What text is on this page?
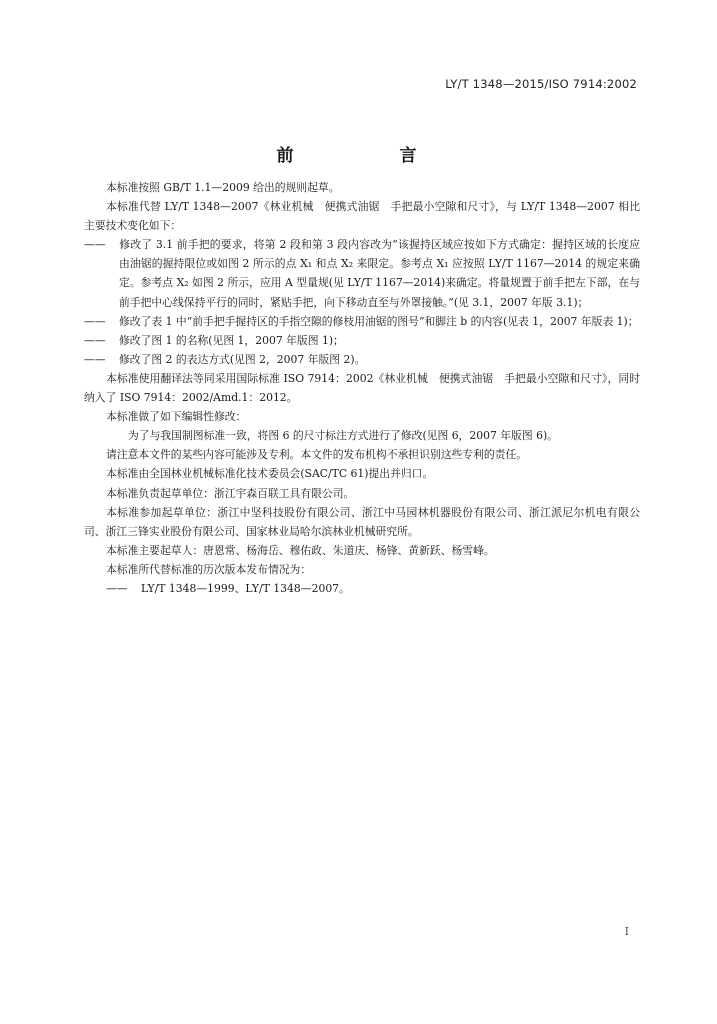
LY/T 1348—2015/ISO 7914:2002
前　　言

本标准按照 GB/T 1.1—2009 给出的规则起草。

本标准代替 LY/T 1348—2007《林业机械　便携式油锯　手把最小空隙和尺寸》，与 LY/T 1348—2007 相比主要技术变化如下：

—— 修改了 3.1 前手把的要求，将第 2 段和第 3 段内容改为“该握持区域应按如下方式确定：握持区域的长度应由油锯的握持限位或如图 2 所示的点 X₁ 和点 X₂ 来限定。参考点 X₁ 应按照 LY/T 1167—2014 的规定来确定。参考点 X₂ 如图 2 所示，应用 A 型量规(见 LY/T 1167—2014)来确定。将量规置于前手把左下部，在与前手把中心线保持平行的同时，紧贴手把，向下移动直至与外罩接触。”(见 3.1，2007 年版 3.1)；

—— 修改了表 1 中“前手把手握持区的手指空隙的修枝用油锯的图号”和脚注 b 的内容(见表 1，2007 年版表 1)；

—— 修改了图 1 的名称(见图 1，2007 年版图 1)；

—— 修改了图 2 的表达方式(见图 2，2007 年版图 2)。

本标准使用翻译法等同采用国际标准 ISO 7914：2002《林业机械　便携式油锯　手把最小空隙和尺寸》，同时纳入了 ISO 7914：2002/Amd.1：2012。

本标准做了如下编辑性修改：

为了与我国制图标准一致，将图 6 的尺寸标注方式进行了修改(见图 6，2007 年版图 6)。

请注意本文件的某些内容可能涉及专利。本文件的发布机构不承担识别这些专利的责任。

本标准由全国林业机械标准化技术委员会(SAC/TC 61)提出并归口。

本标准负责起草单位：浙江宇森百联工具有限公司。

本标准参加起草单位：浙江中坚科技股份有限公司、浙江中马园林机器股份有限公司、浙江派尼尔机电有限公司、浙江三锋实业股份有限公司、国家林业局哈尔滨林业机械研究所。

本标准主要起草人：唐恩常、杨海岳、穆佑政、朱道庆、杨锋、黄新跃、杨雪峰。

本标准所代替标准的历次版本发布情况为：

—— LY/T 1348—1999、LY/T 1348—2007。

I
